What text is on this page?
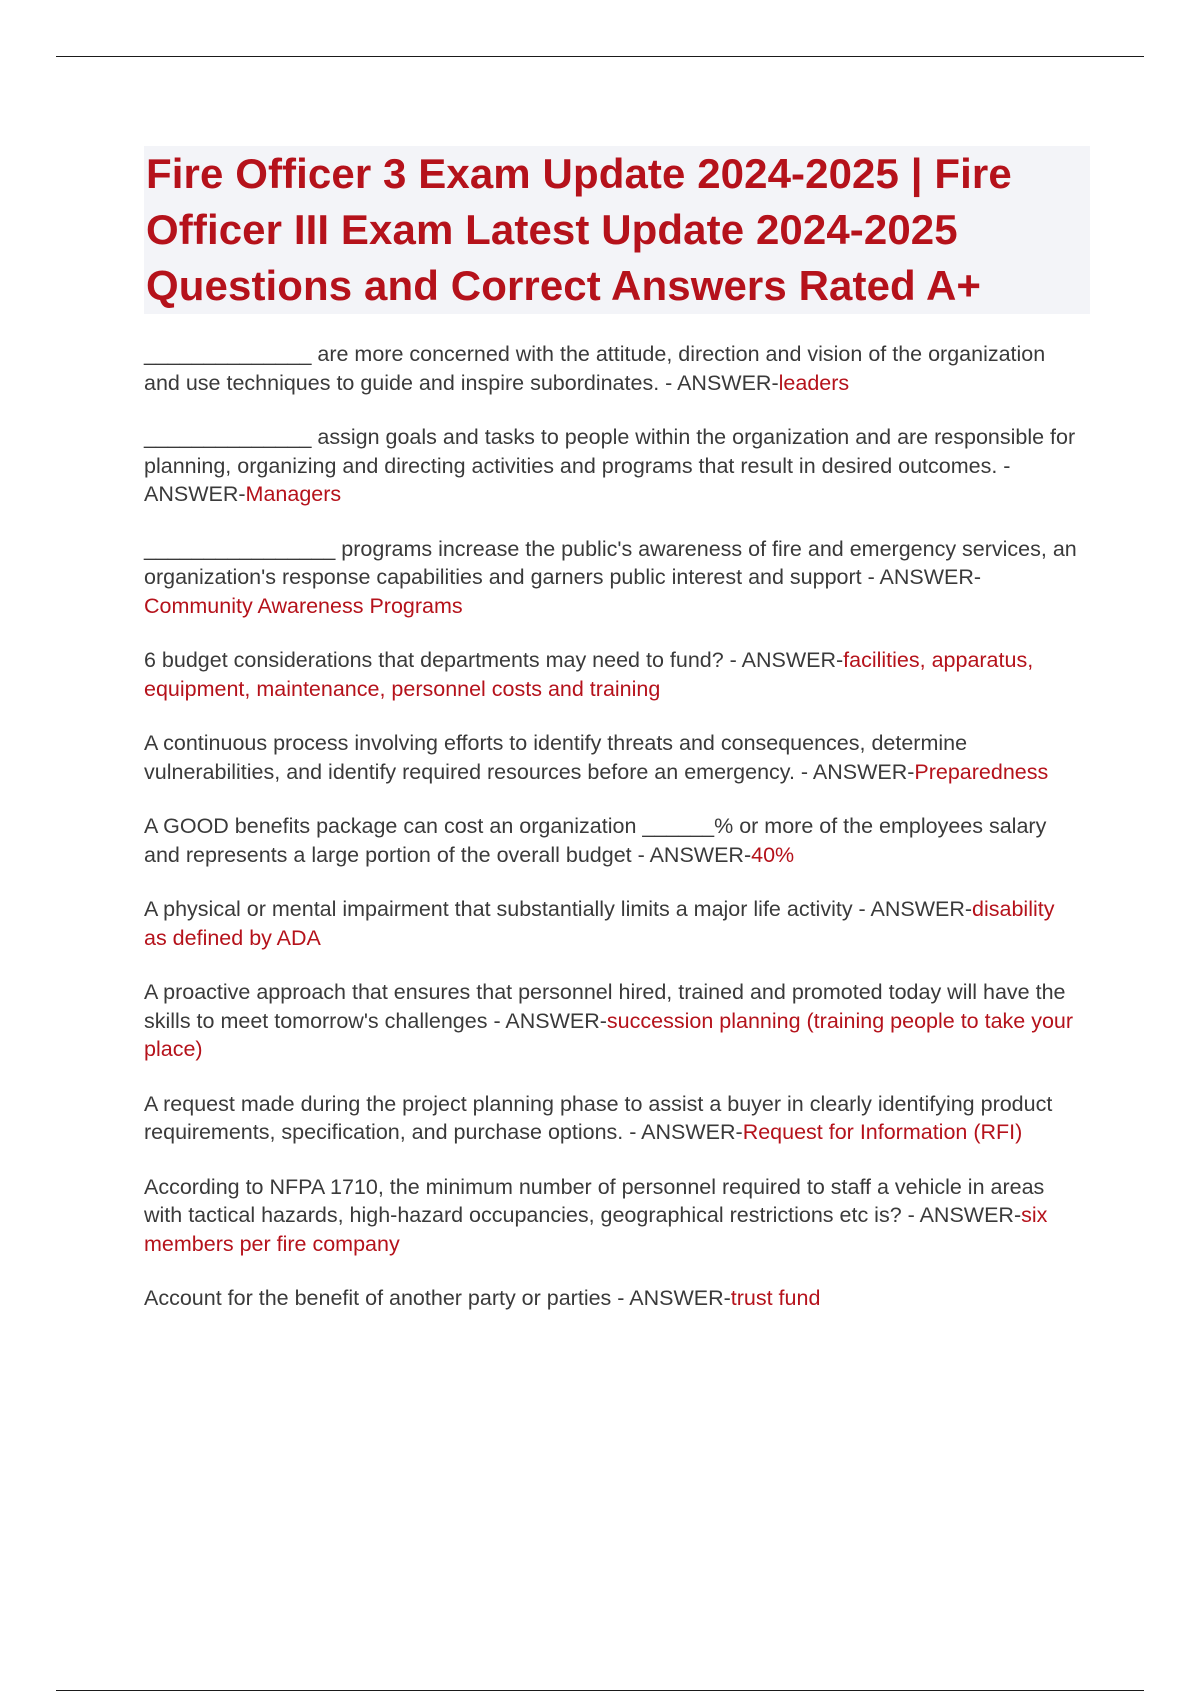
Fire Officer 3 Exam Update 2024-2025 | Fire Officer III Exam Latest Update 2024-2025 Questions and Correct Answers Rated A+

______________ are more concerned with the attitude, direction and vision of the organization and use techniques to guide and inspire subordinates. - ANSWER-leaders

______________ assign goals and tasks to people within the organization and are responsible for planning, organizing and directing activities and programs that result in desired outcomes. - ANSWER-Managers

________________ programs increase the public's awareness of fire and emergency services, an organization's response capabilities and garners public interest and support - ANSWER-Community Awareness Programs

6 budget considerations that departments may need to fund? - ANSWER-facilities, apparatus, equipment, maintenance, personnel costs and training

A continuous process involving efforts to identify threats and consequences, determine vulnerabilities, and identify required resources before an emergency. - ANSWER-Preparedness

A GOOD benefits package can cost an organization ______% or more of the employees salary and represents a large portion of the overall budget - ANSWER-40%

A physical or mental impairment that substantially limits a major life activity - ANSWER-disability as defined by ADA

A proactive approach that ensures that personnel hired, trained and promoted today will have the skills to meet tomorrow's challenges - ANSWER-succession planning (training people to take your place)

A request made during the project planning phase to assist a buyer in clearly identifying product requirements, specification, and purchase options. - ANSWER-Request for Information (RFI)

According to NFPA 1710, the minimum number of personnel required to staff a vehicle in areas with tactical hazards, high-hazard occupancies, geographical restrictions etc is? - ANSWER-six members per fire company

Account for the benefit of another party or parties - ANSWER-trust fund
